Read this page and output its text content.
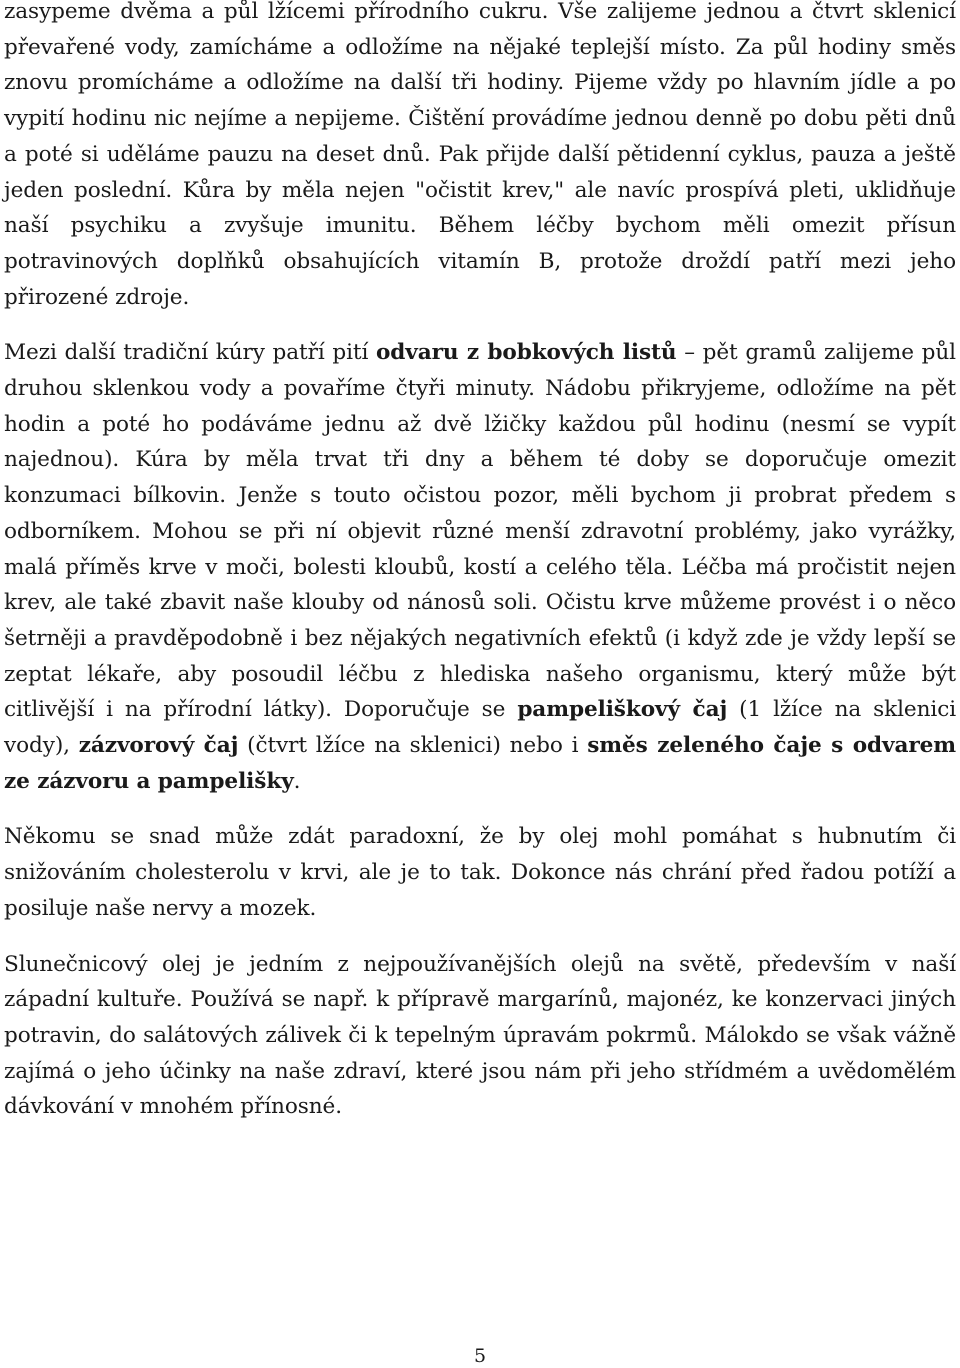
zasypeme dvěma a půl lžícemi přírodního cukru. Vše zalijeme jednou a čtvrt sklenicí převařené vody, zamícháme a odložíme na nějaké teplejší místo. Za půl hodiny směs znovu promícháme a odložíme na další tři hodiny. Pijeme vždy po hlavním jídle a po vypití hodinu nic nejíme a nepijeme. Čištění provádíme jednou denně po dobu pěti dnů a poté si uděláme pauzu na deset dnů. Pak přijde další pětidenní cyklus, pauza a ještě jeden poslední. Kůra by měla nejen "očistit krev," ale navíc prospívá pleti, uklidňuje naší psychiku a zvyšuje imunitu. Během léčby bychom měli omezit přísun potravinových doplňků obsahujících vitamín B, protože droždí patří mezi jeho přirozené zdroje.

Mezi další tradiční kúry patří pití odvaru z bobkových listů – pět gramů zalijeme půl druhou sklenkou vody a povaříme čtyři minuty. Nádobu přikryjeme, odložíme na pět hodin a poté ho podáváme jednu až dvě lžičky každou půl hodinu (nesmí se vypít najednou). Kúra by měla trvat tři dny a během té doby se doporučuje omezit konzumaci bílkovin. Jenže s touto očistou pozor, měli bychom ji probrat předem s odborníkem. Mohou se při ní objevit různé menší zdravotní problémy, jako vyrážky, malá příměs krve v moči, bolesti kloubů, kostí a celého těla. Léčba má pročistit nejen krev, ale také zbavit naše klouby od nánosů soli. Očistu krve můžeme provést i o něco šetrněji a pravděpodobně i bez nějakých negativních efektů (i když zde je vždy lepší se zeptat lékaře, aby posoudil léčbu z hlediska našeho organismu, který může být citlivější i na přírodní látky). Doporučuje se pampeliškový čaj (1 lžíce na sklenici vody), zázvorový čaj (čtvrt lžíce na sklenici) nebo i směs zeleného čaje s odvarem ze zázvoru a pampelišky.

Někomu se snad může zdát paradoxní, že by olej mohl pomáhat s hubnutím či snižováním cholesterolu v krvi, ale je to tak. Dokonce nás chrání před řadou potíží a posiluje naše nervy a mozek.

Slunečnicový olej je jedním z nejpoužívanějších olejů na světě, především v naší západní kultuře. Používá se např. k přípravě margarínů, majonéz, ke konzervaci jiných potravin, do salátových zálivek či k tepelným úpravám pokrmů. Málokdo se však vážně zajímá o jeho účinky na naše zdraví, které jsou nám při jeho střídmém a uvědomělém dávkování v mnohém přínosné.

5
